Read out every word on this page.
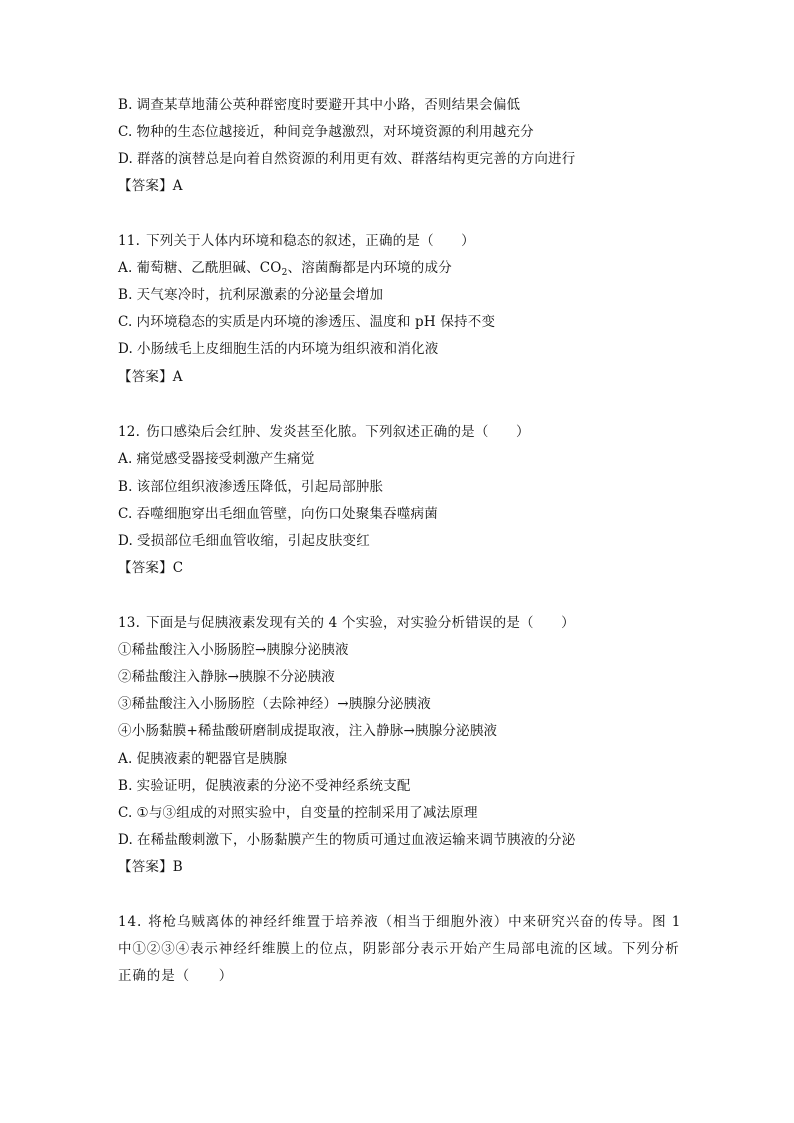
B. 调查某草地蒲公英种群密度时要避开其中小路，否则结果会偏低
C. 物种的生态位越接近，种间竞争越激烈，对环境资源的利用越充分
D. 群落的演替总是向着自然资源的利用更有效、群落结构更完善的方向进行
【答案】A
11. 下列关于人体内环境和稳态的叙述，正确的是（　　）
A. 葡萄糖、乙酰胆碱、$CO_2$、溶菌酶都是内环境的成分
B. 天气寒冷时，抗利尿激素的分泌量会增加
C. 内环境稳态的实质是内环境的渗透压、温度和 pH 保持不变
D. 小肠绒毛上皮细胞生活的内环境为组织液和消化液
【答案】A
12. 伤口感染后会红肿、发炎甚至化脓。下列叙述正确的是（　　）
A. 痛觉感受器接受刺激产生痛觉
B. 该部位组织液渗透压降低，引起局部肿胀
C. 吞噬细胞穿出毛细血管壁，向伤口处聚集吞噬病菌
D. 受损部位毛细血管收缩，引起皮肤变红
【答案】C
13. 下面是与促胰液素发现有关的 4 个实验，对实验分析错误的是（　　）
①稀盐酸注入小肠肠腔→胰腺分泌胰液
②稀盐酸注入静脉→胰腺不分泌胰液
③稀盐酸注入小肠肠腔（去除神经）→胰腺分泌胰液
④小肠黏膜+稀盐酸研磨制成提取液，注入静脉→胰腺分泌胰液
A. 促胰液素的靶器官是胰腺
B. 实验证明，促胰液素的分泌不受神经系统支配
C. ①与③组成的对照实验中，自变量的控制采用了减法原理
D. 在稀盐酸刺激下，小肠黏膜产生的物质可通过血液运输来调节胰液的分泌
【答案】B
14. 将枪乌贼离体的神经纤维置于培养液（相当于细胞外液）中来研究兴奋的传导。图 1
中①②③④表示神经纤维膜上的位点，阴影部分表示开始产生局部电流的区域。下列分析
正确的是（　　）
